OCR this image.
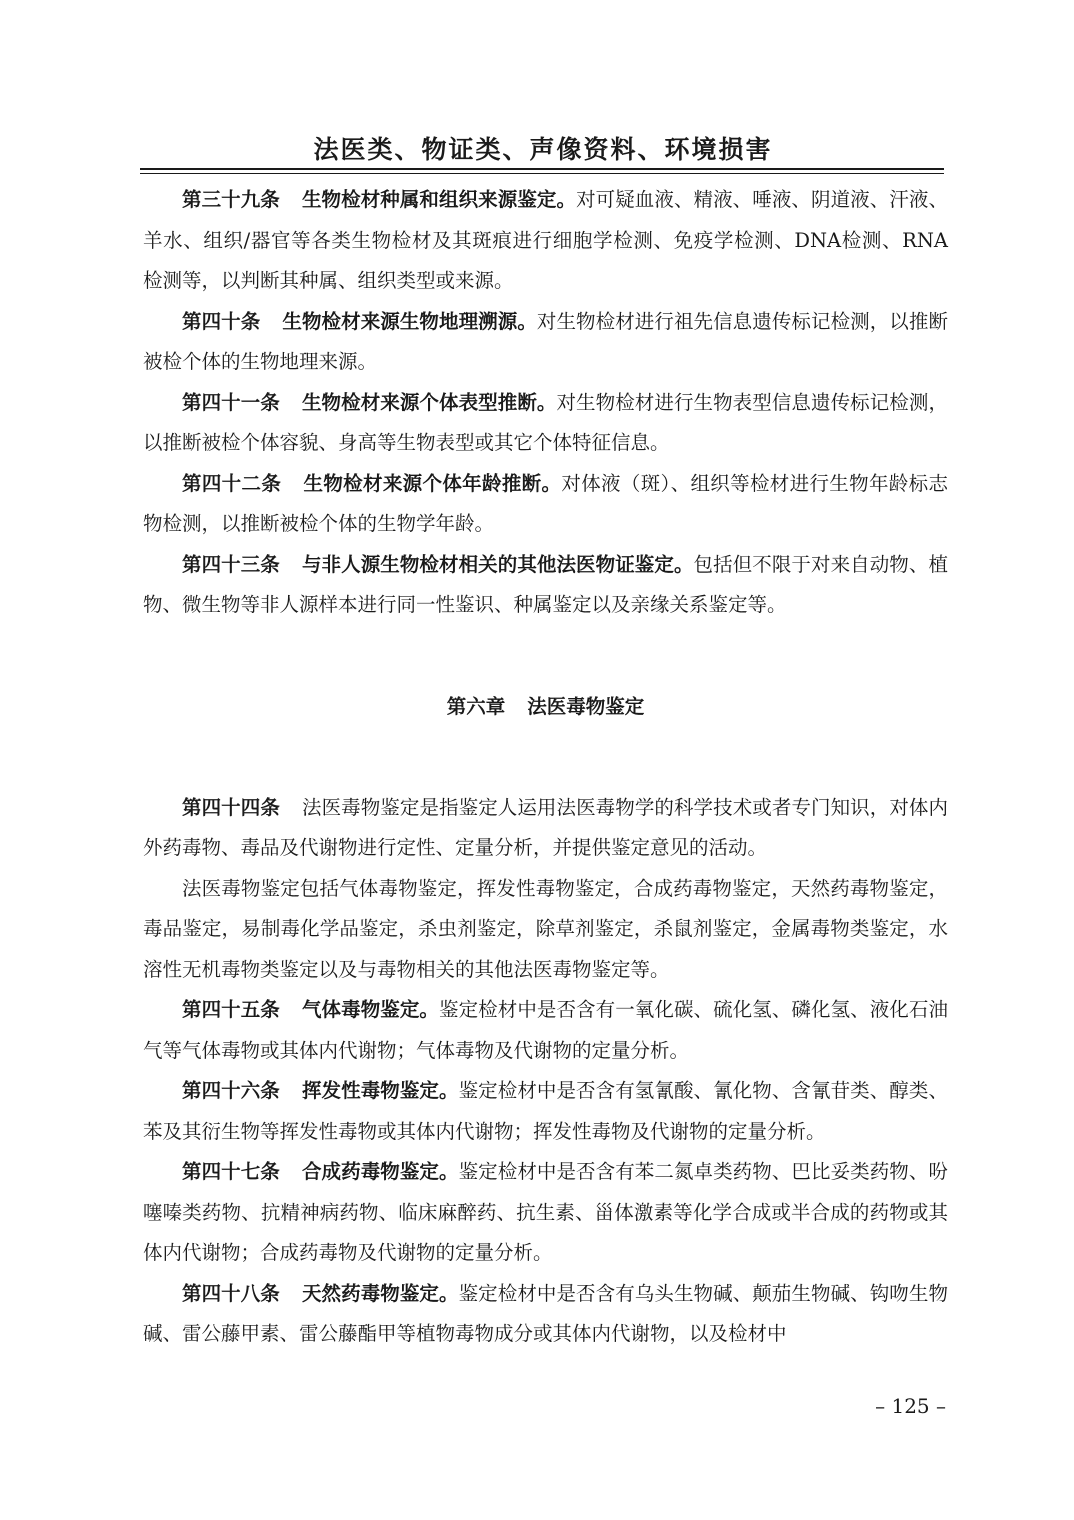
法医类、物证类、声像资料、环境损害

第三十九条 生物检材种属和组织来源鉴定。对可疑血液、精液、唾液、阴道液、汗液、羊水、组织/器官等各类生物检材及其斑痕进行细胞学检测、免疫学检测、DNA检测、RNA 检测等，以判断其种属、组织类型或来源。

第四十条 生物检材来源生物地理溯源。对生物检材进行祖先信息遗传标记检测，以推断被检个体的生物地理来源。

第四十一条 生物检材来源个体表型推断。对生物检材进行生物表型信息遗传标记检测，以推断被检个体容貌、身高等生物表型或其它个体特征信息。

第四十二条 生物检材来源个体年龄推断。对体液（斑）、组织等检材进行生物年龄标志物检测，以推断被检个体的生物学年龄。

第四十三条 与非人源生物检材相关的其他法医物证鉴定。包括但不限于对来自动物、植物、微生物等非人源样本进行同一性鉴识、种属鉴定以及亲缘关系鉴定等。

第六章 法医毒物鉴定

第四十四条 法医毒物鉴定是指鉴定人运用法医毒物学的科学技术或者专门知识，对体内外药毒物、毒品及代谢物进行定性、定量分析，并提供鉴定意见的活动。

法医毒物鉴定包括气体毒物鉴定，挥发性毒物鉴定，合成药毒物鉴定，天然药毒物鉴定，毒品鉴定，易制毒化学品鉴定，杀虫剂鉴定，除草剂鉴定，杀鼠剂鉴定，金属毒物类鉴定，水溶性无机毒物类鉴定以及与毒物相关的其他法医毒物鉴定等。

第四十五条 气体毒物鉴定。鉴定检材中是否含有一氧化碳、硫化氢、磷化氢、液化石油气等气体毒物或其体内代谢物；气体毒物及代谢物的定量分析。

第四十六条 挥发性毒物鉴定。鉴定检材中是否含有氢氰酸、氰化物、含氰苷类、醇类、苯及其衍生物等挥发性毒物或其体内代谢物；挥发性毒物及代谢物的定量分析。

第四十七条 合成药毒物鉴定。鉴定检材中是否含有苯二氮卓类药物、巴比妥类药物、吩噻嗪类药物、抗精神病药物、临床麻醉药、抗生素、甾体激素等化学合成或半合成的药物或其体内代谢物；合成药毒物及代谢物的定量分析。

第四十八条 天然药毒物鉴定。鉴定检材中是否含有乌头生物碱、颠茄生物碱、钩吻生物碱、雷公藤甲素、雷公藤酯甲等植物毒物成分或其体内代谢物，以及检材中

– 125 –
